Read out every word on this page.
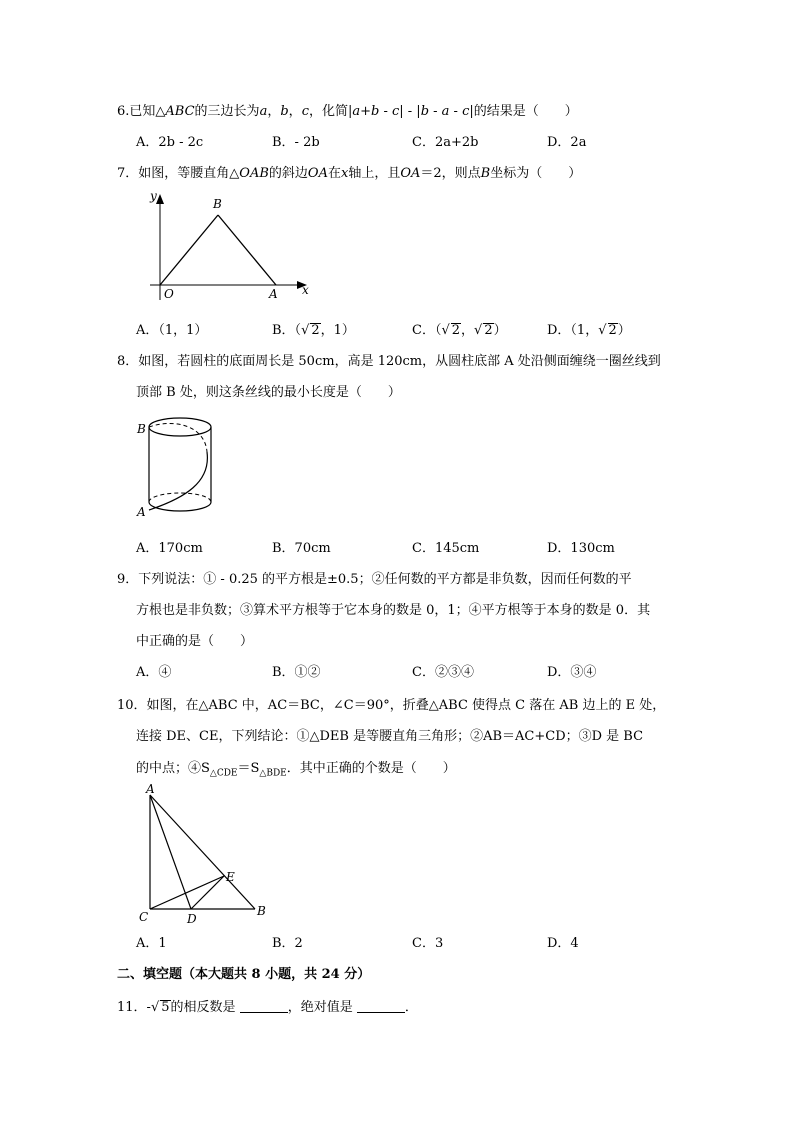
6.已知△ABC的三边长为a，b，c，化简|a+b - c| - |b - a - c|的结果是（　　）
A．2b - 2c	B．- 2b	C．2a+2b	D．2a
7．如图，等腰直角△OAB的斜边OA在x轴上，且OA＝2，则点B坐标为（　　）
y
x
O	A
B
A．（1，1）	B．（√ 2，1）	C．（√ 2，√ 2）	D．（1，√ 2）
8．如图，若圆柱的底面周长是 50cm，高是 120cm，从圆柱底部 A 处沿侧面缠绕一圈丝线到
顶部 B 处，则这条丝线的最小长度是（　　）
B
A
A．170cm	B．70cm	C．145cm	D．130cm
9．下列说法：① - 0.25 的平方根是±0.5；②任何数的平方都是非负数，因而任何数的平
方根也是非负数；③算术平方根等于它本身的数是 0，1；④平方根等于本身的数是 0．其
中正确的是（　　）
A．④	B．①②	C．②③④	D．③④
10．如图，在△ABC 中，AC＝BC，∠C＝90°，折叠△ABC 使得点 C 落在 AB 边上的 E 处，
连接 DE、CE，下列结论：①△DEB 是等腰直角三角形；②AB＝AC+CD；③D 是 BC
的中点；$④S_{\triangle CDE}=S_{\triangle BDE}$．其中正确的个数是（　　）
A
C	D
E
B
A．1	B．2	C．3	D．4
二、填空题（本大题共 8 小题，共 24 分）
11．-√ 5的相反数是	，绝对值是	．
